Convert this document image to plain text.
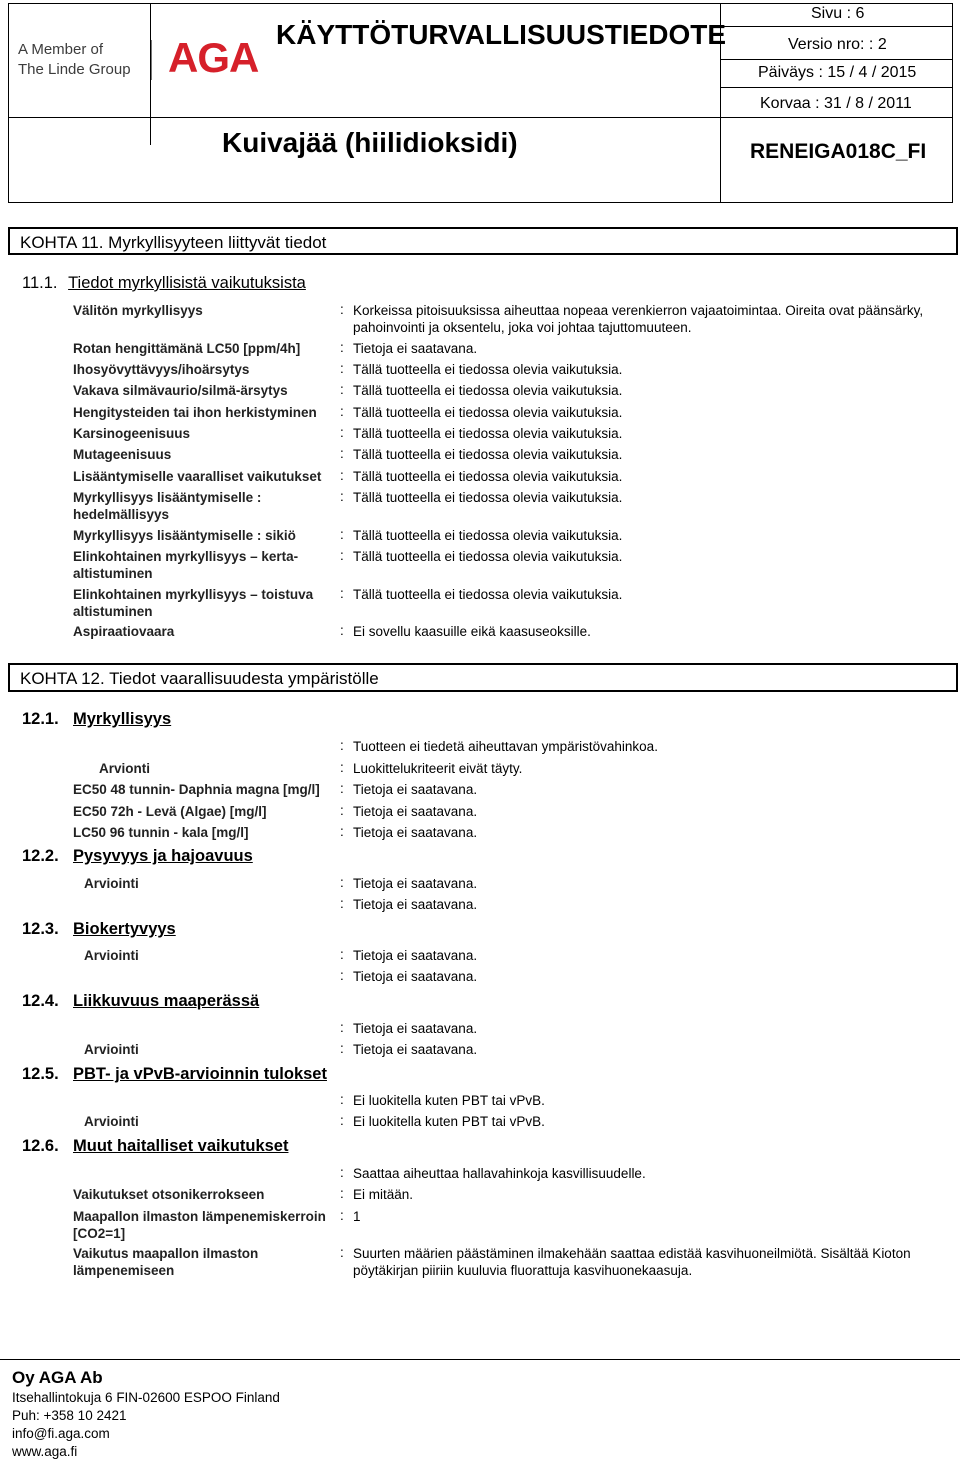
A Member of
The Linde Group AGA KÄYTTÖTURVALLISUUSTIEDOTE
Kuivajää (hiilidioksidi)
Sivu : 6
Versio nro: : 2
Päiväys : 15 / 4 / 2015
Korvaa : 31 / 8 / 2011
RENEIGA018C_FI
KOHTA 11. Myrkyllisyyteen liittyvät tiedot
11.1. Tiedot myrkyllisistä vaikutuksista
Välitön myrkyllisyys	: Korkeissa pitoisuuksissa aiheuttaa nopeaa verenkierron vajaatoimintaa. Oireita ovat päänsärky, pahoinvointi ja oksentelu, joka voi johtaa tajuttomuuteen.
Rotan hengittämänä LC50 [ppm/4h]	: Tietoja ei saatavana.
Ihosyövyttävyys/ihoärsytys	: Tällä tuotteella ei tiedossa olevia vaikutuksia.
Vakava silmävaurio/silmä-ärsytys	: Tällä tuotteella ei tiedossa olevia vaikutuksia.
Hengitysteiden tai ihon herkistyminen	: Tällä tuotteella ei tiedossa olevia vaikutuksia.
Karsinogeenisuus	: Tällä tuotteella ei tiedossa olevia vaikutuksia.
Mutageenisuus	: Tällä tuotteella ei tiedossa olevia vaikutuksia.
Lisääntymiselle vaaralliset vaikutukset	: Tällä tuotteella ei tiedossa olevia vaikutuksia.
Myrkyllisyys lisääntymiselle : hedelmällisyys
: Tällä tuotteella ei tiedossa olevia vaikutuksia.
Myrkyllisyys lisääntymiselle : sikiö	: Tällä tuotteella ei tiedossa olevia vaikutuksia.
Elinkohtainen myrkyllisyys – kerta-altistuminen
: Tällä tuotteella ei tiedossa olevia vaikutuksia.
Elinkohtainen myrkyllisyys – toistuva altistuminen
: Tällä tuotteella ei tiedossa olevia vaikutuksia.
Aspiraatiovaara	: Ei sovellu kaasuille eikä kaasuseoksille.
KOHTA 12. Tiedot vaarallisuudesta ympäristölle
12.1. Myrkyllisyys
: Tuotteen ei tiedetä aiheuttavan ympäristövahinkoa.
Arvionti	: Luokittelukriteerit eivät täyty.
EC50 48 tunnin- Daphnia magna [mg/l]	: Tietoja ei saatavana.
EC50 72h - Levä (Algae) [mg/l]	: Tietoja ei saatavana.
LC50 96 tunnin - kala [mg/l]	: Tietoja ei saatavana.
12.2. Pysyvyys ja hajoavuus
Arviointi	: Tietoja ei saatavana.
: Tietoja ei saatavana.
12.3. Biokertyvyys
Arviointi	: Tietoja ei saatavana.
: Tietoja ei saatavana.
12.4. Liikkuvuus maaperässä
: Tietoja ei saatavana.
Arviointi	: Tietoja ei saatavana.
12.5. PBT- ja vPvB-arvioinnin tulokset
: Ei luokitella kuten PBT tai vPvB.
Arviointi	: Ei luokitella kuten PBT tai vPvB.
12.6. Muut haitalliset vaikutukset
: Saattaa aiheuttaa hallavahinkoja kasvillisuudelle.
Vaikutukset otsonikerrokseen	: Ei mitään.
Maapallon ilmaston lämpenemiskerroin [CO2=1]
: 1
Vaikutus maapallon ilmaston lämpenemiseen
: Suurten määrien päästäminen ilmakehään saattaa edistää kasvihuoneilmiötä. Sisältää Kioton pöytäkirjan piiriin kuuluvia fluorattuja kasvihuonekaasuja.
Oy AGA Ab
Itsehallintokuja 6 FIN-02600 ESPOO Finland
Puh: +358 10 2421
info@fi.aga.com
www.aga.fi
